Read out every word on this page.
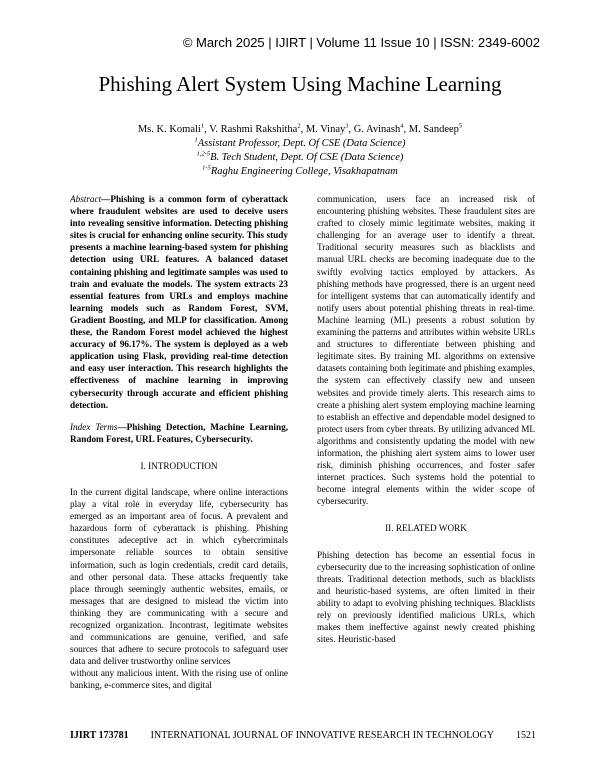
© March 2025 | IJIRT | Volume 11 Issue 10 | ISSN: 2349-6002
Phishing Alert System Using Machine Learning
Ms. K. Komali$^1$, V. Rashmi Rakshitha$^2$, M. Vinay$^3$, G. Avinash$^4$, M. Sandeep$^5$
$^1$Assistant Professor, Dept. Of CSE (Data Science)
$^{1,2-5}$B. Tech Student, Dept. Of CSE (Data Science)
$^{1-5}$Raghu Engineering College, Visakhapatnam

Abstract—Phishing is a common form of cyberattack where fraudulent websites are used to deceive users into revealing sensitive information. Detecting phishing sites is crucial for enhancing online security. This study presents a machine learning-based system for phishing detection using URL features. A balanced dataset containing phishing and legitimate samples was used to train and evaluate the models. The system extracts 23 essential features from URLs and employs machine learning models such as Random Forest, SVM, Gradient Boosting, and MLP for classification. Among these, the Random Forest model achieved the highest accuracy of 96.17%. The system is deployed as a web application using Flask, providing real-time detection and easy user interaction. This research highlights the effectiveness of machine learning in improving cybersecurity through accurate and efficient phishing detection.

Index Terms—Phishing Detection, Machine Learning, Random Forest, URL Features, Cybersecurity.

I. INTRODUCTION

In the current digital landscape, where online interactions play a vital role in everyday life, cybersecurity has emerged as an important area of focus. A prevalent and hazardous form of cyberattack is phishing. Phishing constitutes adeceptive act in which cybercriminals impersonate reliable sources to obtain sensitive information, such as login credentials, credit card details, and other personal data. These attacks frequently take place through seemingly authentic websites, emails, or messages that are designed to mislead the victim into thinking they are communicating with a secure and recognized organization. Incontrast, legitimate websites and communications are genuine, verified, and safe sources that adhere to secure protocols to safeguard user data and deliver trustworthy online services

without any malicious intent. With the rising use of online banking, e-commerce sites, and digital

communication, users face an increased risk of encountering phishing websites. These fraudulent sites are crafted to closely mimic legitimate websites, making it challenging for an average user to identify a threat. Traditional security measures such as blacklists and manual URL checks are becoming inadequate due to the swiftly evolving tactics employed by attackers. As phishing methods have progressed, there is an urgent need for intelligent systems that can automatically identify and notify users about potential phishing threats in real-time. Machine learning (ML) presents a robust solution by examining the patterns and attributes within website URLs and structures to differentiate between phishing and legitimate sites. By training ML algorithms on extensive datasets containing both legitimate and phishing examples, the system can effectively classify new and unseen websites and provide timely alerts. This research aims to create a phishing alert system employing machine learning to establish an effective and dependable model designed to protect users from cyber threats. By utilizing advanced ML algorithms and consistently updating the model with new information, the phishing alert system aims to lower user risk, diminish phishing occurrences, and foster safer internet practices. Such systems hold the potential to become integral elements within the wider scope of cybersecurity.

II. RELATED WORK

Phishing detection has become an essential focus in cybersecurity due to the increasing sophistication of online threats. Traditional detection methods, such as blacklists and heuristic-based systems, are often limited in their ability to adapt to evolving phishing techniques. Blacklists rely on previously identified malicious URLs, which makes them ineffective against newly created phishing sites. Heuristic-based

IJIRT 173781 INTERNATIONAL JOURNAL OF INNOVATIVE RESEARCH IN TECHNOLOGY 1521
